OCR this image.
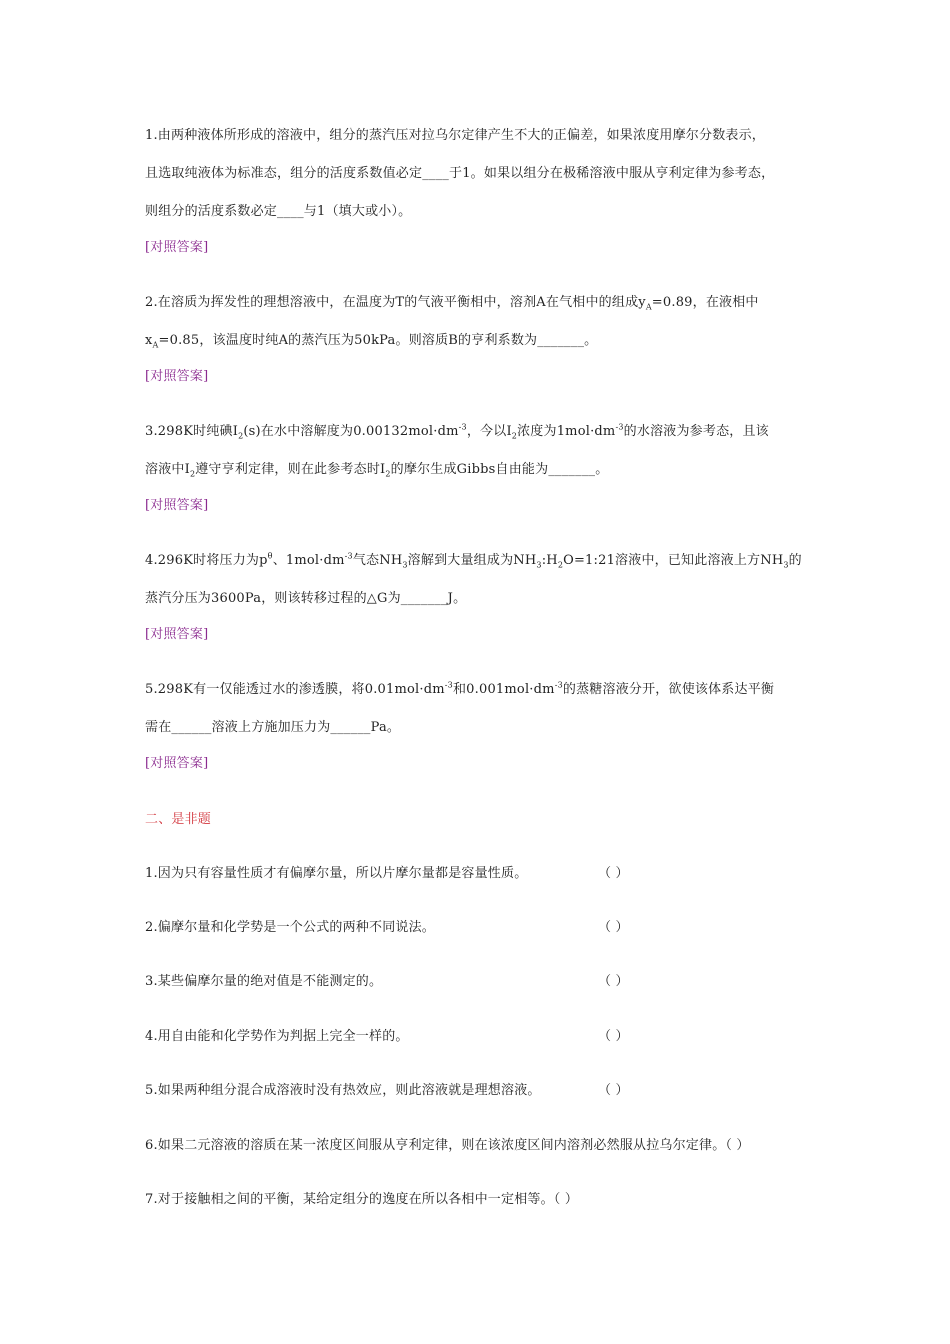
1.由两种液体所形成的溶液中，组分的蒸汽压对拉乌尔定律产生不大的正偏差，如果浓度用摩尔分数表示，
且选取纯液体为标准态，组分的活度系数值必定____于1。如果以组分在极稀溶液中服从亨利定律为参考态，
则组分的活度系数必定____与1（填大或小）。
[对照答案]
2.在溶质为挥发性的理想溶液中，在温度为T的气液平衡相中，溶剂A在气相中的组成$y_A=0.89$，在液相中
$x_A=0.85$，该温度时纯A的蒸汽压为50kPa。则溶质B的亨利系数为_______。
[对照答案]
3.298K时纯碘$I_2(s)$在水中溶解度为$0.00132mol\cdot dm^{-3}$，今以$I_2$浓度为$1mol\cdot dm^{-3}$的水溶液为参考态，且该
溶液中$I_2$遵守亨利定律，则在此参考态时$I_2$的摩尔生成Gibbs自由能为_______。
[对照答案]
4.296K时将压力为$p^\theta$、$1mol\cdot dm^{-3}$气态$NH_3$溶解到大量组成为$NH_3:H_2O=1:21$溶液中，已知此溶液上方$NH_3$的
蒸汽分压为3600Pa，则该转移过程的△G为_______J。
[对照答案]
5.298K有一仅能透过水的渗透膜，将$0.01mol\cdot dm^{-3}$和$0.001mol\cdot dm^{-3}$的蒸糖溶液分开，欲使该体系达平衡
需在______溶液上方施加压力为______Pa。
[对照答案]
二、是非题
1.因为只有容量性质才有偏摩尔量，所以片摩尔量都是容量性质。	（ ）
2.偏摩尔量和化学势是一个公式的两种不同说法。	（ ）
3.某些偏摩尔量的绝对值是不能测定的。	（ ）
4.用自由能和化学势作为判据上完全一样的。	（ ）
5.如果两种组分混合成溶液时没有热效应，则此溶液就是理想溶液。	（ ）
6.如果二元溶液的溶质在某一浓度区间服从亨利定律，则在该浓度区间内溶剂必然服从拉乌尔定律。（ ）
7.对于接触相之间的平衡，某给定组分的逸度在所以各相中一定相等。（ ）
